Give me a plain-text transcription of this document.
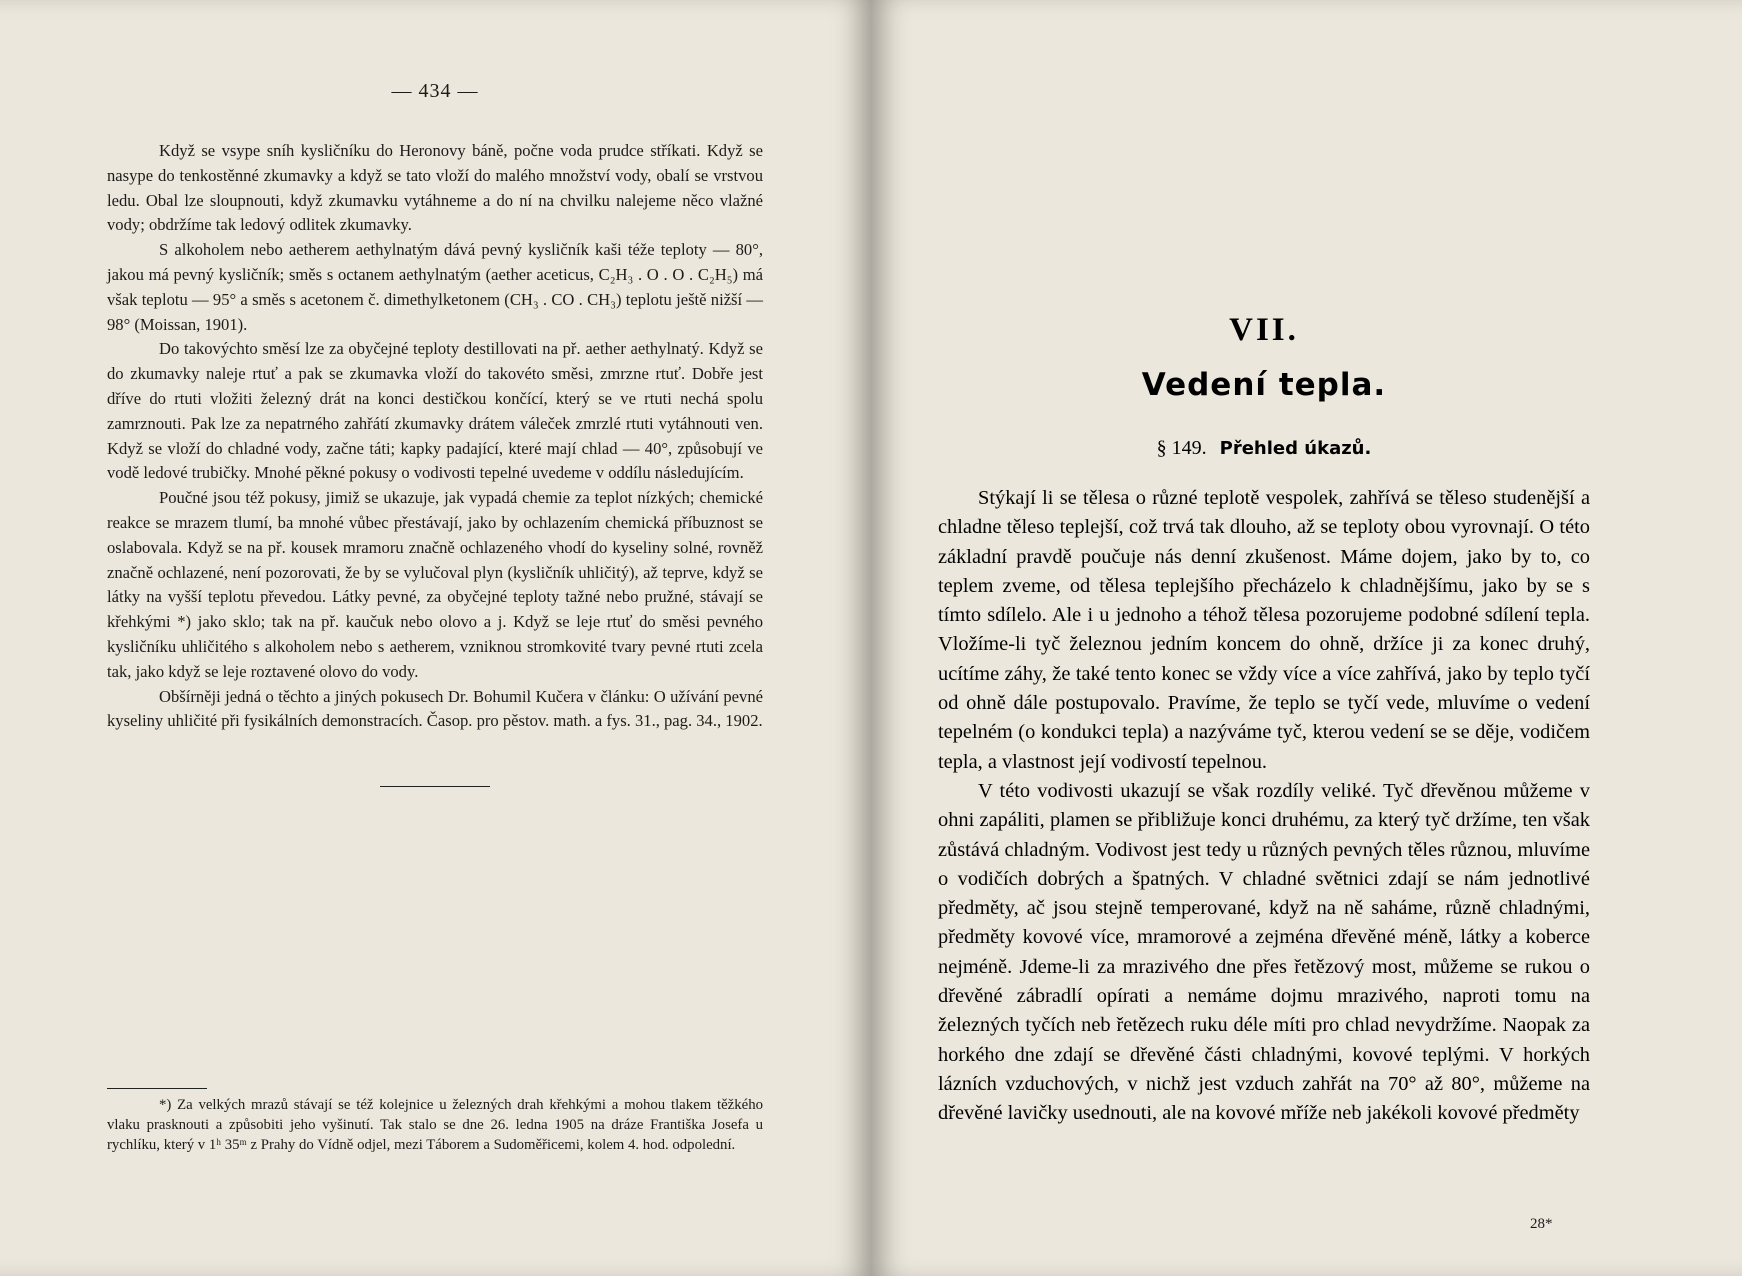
— 434 —

Když se vsype sníh kysličníku do Heronovy báně, počne voda prudce stříkati. Když se nasype do tenkostěnné zkumavky a když se tato vloží do malého množství vody, obalí se vrstvou ledu. Obal lze sloupnouti, když zkumavku vytáhneme a do ní na chvilku nalejeme něco vlažné vody; obdržíme tak ledový odlitek zkumavky.

S alkoholem nebo aetherem aethylnatým dává pevný kysličník kaši téže teploty — 80°, jakou má pevný kysličník; směs s octanem aethylnatým (aether aceticus, C₂H₃ . O . O . C₂H₅) má však teplotu — 95° a směs s acetonem č. dimethylketonem (CH₃ . CO . CH₃) teplotu ještě nižší — 98° (Moissan, 1901).

Do takovýchto směsí lze za obyčejné teploty destillovati na př. aether aethylnatý. Když se do zkumavky naleje rtuť a pak se zkumavka vloží do takovéto směsi, zmrzne rtuť. Dobře jest dříve do rtuti vložiti železný drát na konci destičkou končící, který se ve rtuti nechá spolu zamrznouti. Pak lze za nepatrného zahřátí zkumavky drátem váleček zmrzlé rtuti vytáhnouti ven. Když se vloží do chladné vody, začne táti; kapky padající, které mají chlad — 40°, způsobují ve vodě ledové trubičky. Mnohé pěkné pokusy o vodivosti tepelné uvedeme v oddílu následujícím.

Poučné jsou též pokusy, jimiž se ukazuje, jak vypadá chemie za teplot nízkých; chemické reakce se mrazem tlumí, ba mnohé vůbec přestávají, jako by ochlazením chemická příbuznost se oslabovala. Když se na př. kousek mramoru značně ochlazeného vhodí do kyseliny solné, rovněž značně ochlazené, není pozorovati, že by se vylučoval plyn (kysličník uhličitý), až teprve, když se látky na vyšší teplotu převedou. Látky pevné, za obyčejné teploty tažné nebo pružné, stávají se křehkými *) jako sklo; tak na př. kaučuk nebo olovo a j. Když se leje rtuť do směsi pevného kysličníku uhličitého s alkoholem nebo s aetherem, vzniknou stromkovité tvary pevné rtuti zcela tak, jako když se leje roztavené olovo do vody.

Obšírněji jedná o těchto a jiných pokusech Dr. Bohumil Kučera v článku: O užívání pevné kyseliny uhličité při fysikálních demonstracích. Časop. pro pěstov. math. a fys. 31., pag. 34., 1902.

*) Za velkých mrazů stávají se též kolejnice u železných drah křehkými a mohou tlakem těžkého vlaku prasknouti a způsobiti jeho vyšinutí. Tak stalo se dne 26. ledna 1905 na dráze Františka Josefa u rychlíku, který v 1ʰ 35ᵐ z Prahy do Vídně odjel, mezi Táborem a Sudoměřicemi, kolem 4. hod. odpolední.

VII.
Vedení tepla.
§ 149. Přehled úkazů.

Stýkají li se tělesa o různé teplotě vespolek, zahřívá se těleso studenější a chladne těleso teplejší, což trvá tak dlouho, až se teploty obou vyrovnají. O této základní pravdě poučuje nás denní zkušenost. Máme dojem, jako by to, co teplem zveme, od tělesa teplejšího přecházelo k chladnějšímu, jako by se s tímto sdílelo. Ale i u jednoho a téhož tělesa pozorujeme podobné sdílení tepla. Vložíme-li tyč železnou jedním koncem do ohně, držíce ji za konec druhý, ucítíme záhy, že také tento konec se vždy více a více zahřívá, jako by teplo tyčí od ohně dále postupovalo. Pravíme, že teplo se tyčí vede, mluvíme o vedení tepelném (o kondukci tepla) a nazýváme tyč, kterou vedení se se děje, vodičem tepla, a vlastnost její vodivostí tepelnou.

V této vodivosti ukazují se však rozdíly veliké. Tyč dřevěnou můžeme v ohni zapáliti, plamen se přibližuje konci druhému, za který tyč držíme, ten však zůstává chladným. Vodivost jest tedy u různých pevných těles různou, mluvíme o vodičích dobrých a špatných. V chladné světnici zdají se nám jednotlivé předměty, ač jsou stejně temperované, když na ně saháme, různě chladnými, předměty kovové více, mramorové a zejména dřevěné méně, látky a koberce nejméně. Jdeme-li za mrazivého dne přes řetězový most, můžeme se rukou o dřevěné zábradlí opírati a nemáme dojmu mrazivého, naproti tomu na železných tyčích neb řetězech ruku déle míti pro chlad nevydržíme. Naopak za horkého dne zdají se dřevěné části chladnými, kovové teplými. V horkých lázních vzduchových, v nichž jest vzduch zahřát na 70° až 80°, můžeme na dřevěné lavičky usednouti, ale na kovové mříže neb jakékoli kovové předměty

28*
